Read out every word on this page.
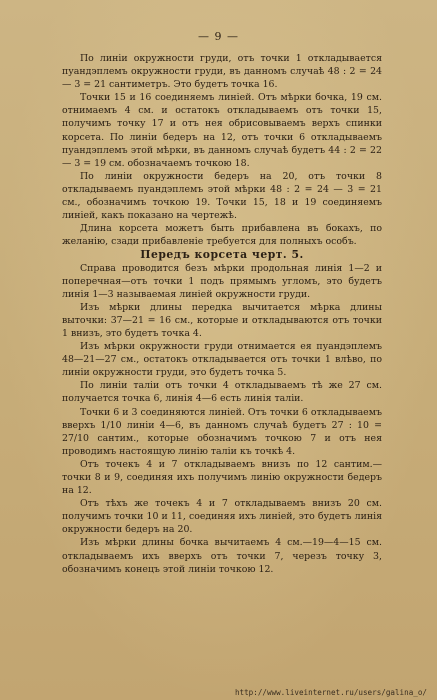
— 9 —

По линіи окружности груди, отъ точки 1 откладывается пуандэплемъ окружности груди, въ данномъ случаѣ 48 : 2 = 24 — 3 = 21 сантиметръ. Это будетъ точка 16.

Точки 15 и 16 соединяемъ линіей. Отъ мѣрки бочка, 19 см. отнимаемъ 4 см. и остатокъ откладываемъ отъ точки 15, получимъ точку 17 и отъ нея обрисовываемъ верхъ спинки корсета. По линіи бедеръ на 12, отъ точки 6 откладываемъ пуандэплемъ этой мѣрки, въ данномъ случаѣ будетъ 44 : 2 = 22 — 3 = 19 см. обозначаемъ точкою 18.

По линіи окружности бедеръ на 20, отъ точки 8 откладываемъ пуандэплемъ этой мѣрки 48 : 2 = 24 — 3 = 21 см., обозначимъ точкою 19. Точки 15, 18 и 19 соединяемъ линіей, какъ показано на чертежѣ.

Длина корсета можетъ быть прибавлена въ бокахъ, по желанію, сзади прибавленіе требуется для полныхъ особъ.

Передъ корсета черт. 5.

Справа проводится безъ мѣрки продольная линія 1—2 и поперечная—отъ точки 1 подъ прямымъ угломъ, это будетъ линія 1—3 называемая линіей окружности груди.

Изъ мѣрки длины передка вычитается мѣрка длины выточки: 37—21 = 16 см., которые и откладываются отъ точки 1 внизъ, это будетъ точка 4.

Изъ мѣрки окружности груди отнимается ея пуандэплемъ 48—21—27 см., остатокъ откладывается отъ точки 1 влѣво, по линіи окружности груди, это будетъ точка 5.

По линіи таліи отъ точки 4 откладываемъ тѣ же 27 см. получается точка 6, линія 4—6 есть линія таліи.

Точки 6 и 3 соединяются линіей. Отъ точки 6 откладываемъ вверхъ 1/10 линіи 4—6, въ данномъ случаѣ будетъ 27 : 10 = 27/10 сантим., которые обозначимъ точкою 7 и отъ нея проводимъ настоящую линію таліи къ точкѣ 4.

Отъ точекъ 4 и 7 откладываемъ внизъ по 12 сантим.— точки 8 и 9, соединяя ихъ получимъ линію окружности бедеръ на 12.

Отъ тѣхъ же точекъ 4 и 7 откладываемъ внизъ 20 см. получимъ точки 10 и 11, соединяя ихъ линіей, это будетъ линія окружности бедеръ на 20.

Изъ мѣрки длины бочка вычитаемъ 4 см.—19—4—15 см. откладываемъ ихъ вверхъ отъ точки 7, черезъ точку 3, обозначимъ конецъ этой линіи точкою 12.

http://www.liveinternet.ru/users/galina_o/
